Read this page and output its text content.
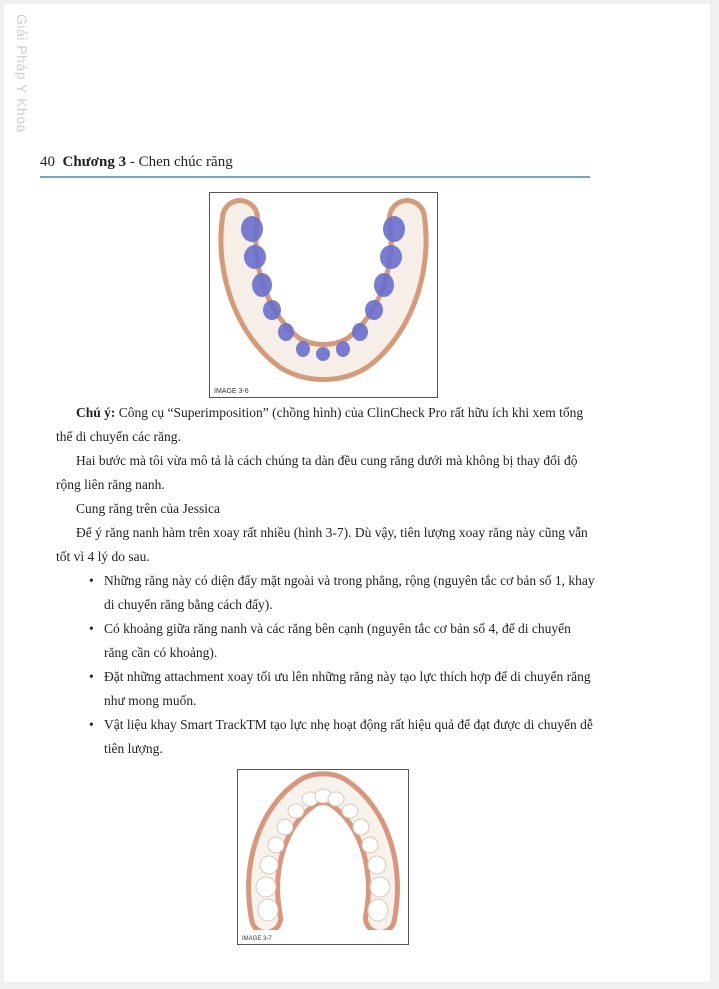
Giải Pháp Y Khoa
40 Chương 3 - Chen chúc răng
IMAGE 3-6

Chú ý: Công cụ “Superimposition” (chồng hình) của ClinCheck Pro rất hữu ích khi xem tổng thể di chuyển các răng.

Hai bước mà tôi vừa mô tả là cách chúng ta dàn đều cung răng dưới mà không bị thay đổi độ rộng liên răng nanh.

Cung răng trên của Jessica

Để ý răng nanh hàm trên xoay rất nhiều (hình 3-7). Dù vậy, tiên lượng xoay răng này cũng vẫn tốt vì 4 lý do sau.

• Những răng này có diện đẩy mặt ngoài và trong phẳng, rộng (nguyên tắc cơ bản số 1, khay di chuyển răng bằng cách đẩy).
• Có khoảng giữa răng nanh và các răng bên cạnh (nguyên tắc cơ bản số 4, để di chuyển răng cần có khoảng).
• Đặt những attachment xoay tối ưu lên những răng này tạo lực thích hợp để di chuyển răng như mong muốn.
• Vật liệu khay Smart TrackTM tạo lực nhẹ hoạt động rất hiệu quả để đạt được di chuyển dễ tiên lượng.
IMAGE 3-7
